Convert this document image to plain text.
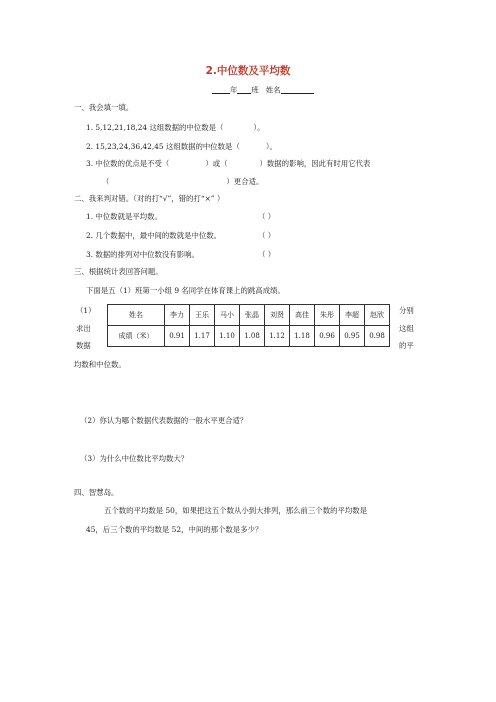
2.中位数及平均数
年 班 姓名
一、我会填一填。
1. 5,12,21,18,24 这组数据的中位数是（	）。
2. 15,23,24,36,42,45 这组数据的中位数是（	）。
3. 中位数的优点是不受（	）或（	）数据的影响，因此有时用它代表
（	）更合适。
二、我来判对错。（对的打“√”，错的打“×” ）
1. 中位数就是平均数。	（ ）
2. 几个数据中，最中间的数就是中位数。	（ ）
3. 数据的排列对中位数没有影响。	（ ）
三、根据统计表回答问题。
下面是五（1）班第一小组 9 名同学在体育课上的跳高成绩。
（1）
求出
数据
分别
这组
的平
均数和中位数。
姓名	李力	王乐	马小	张晶	刘贤	高佳	朱彤	李超	赵欣
成绩（米）	0.91	1.17	1.10	1.08	1.12	1.18	0.96	0.95	0.98
（2）你认为哪个数据代表数据的一般水平更合适？
（3）为什么中位数比平均数大？
四、智慧岛。
五个数的平均数是 50，如果把这五个数从小到大排列，那么前三个数的平均数是
45，后三个数的平均数是 52，中间的那个数是多少？
